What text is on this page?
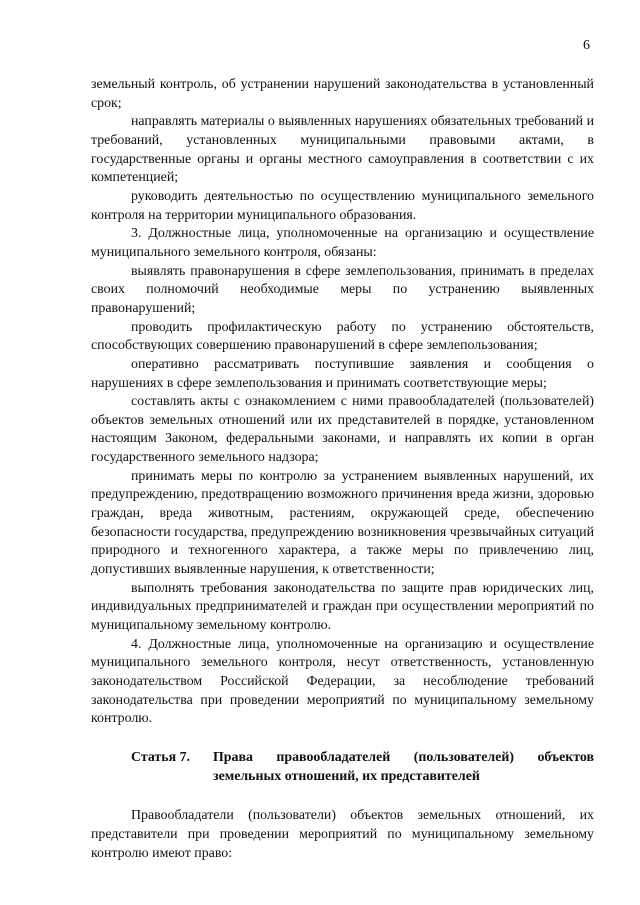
6

земельный контроль, об устранении нарушений законодательства в установленный срок;

направлять материалы о выявленных нарушениях обязательных требований и требований, установленных муниципальными правовыми актами, в государственные органы и органы местного самоуправления в соответствии с их компетенцией;

руководить деятельностью по осуществлению муниципального земельного контроля на территории муниципального образования.

3. Должностные лица, уполномоченные на организацию и осуществление муниципального земельного контроля, обязаны:

выявлять правонарушения в сфере землепользования, принимать в пределах своих полномочий необходимые меры по устранению выявленных правонарушений;

проводить профилактическую работу по устранению обстоятельств, способствующих совершению правонарушений в сфере землепользования;

оперативно рассматривать поступившие заявления и сообщения о нарушениях в сфере землепользования и принимать соответствующие меры;

составлять акты с ознакомлением с ними правообладателей (пользователей) объектов земельных отношений или их представителей в порядке, установленном настоящим Законом, федеральными законами, и направлять их копии в орган государственного земельного надзора;

принимать меры по контролю за устранением выявленных нарушений, их предупреждению, предотвращению возможного причинения вреда жизни, здоровью граждан, вреда животным, растениям, окружающей среде, обеспечению безопасности государства, предупреждению возникновения чрезвычайных ситуаций природного и техногенного характера, а также меры по привлечению лиц, допустивших выявленные нарушения, к ответственности;

выполнять требования законодательства по защите прав юридических лиц, индивидуальных предпринимателей и граждан при осуществлении мероприятий по муниципальному земельному контролю.

4. Должностные лица, уполномоченные на организацию и осуществление муниципального земельного контроля, несут ответственность, установленную законодательством Российской Федерации, за несоблюдение требований законодательства при проведении мероприятий по муниципальному земельному контролю.

Статья 7.	Права правообладателей (пользователей) объектов земельных отношений, их представителей

Правообладатели (пользователи) объектов земельных отношений, их представители при проведении мероприятий по муниципальному земельному контролю имеют право:
